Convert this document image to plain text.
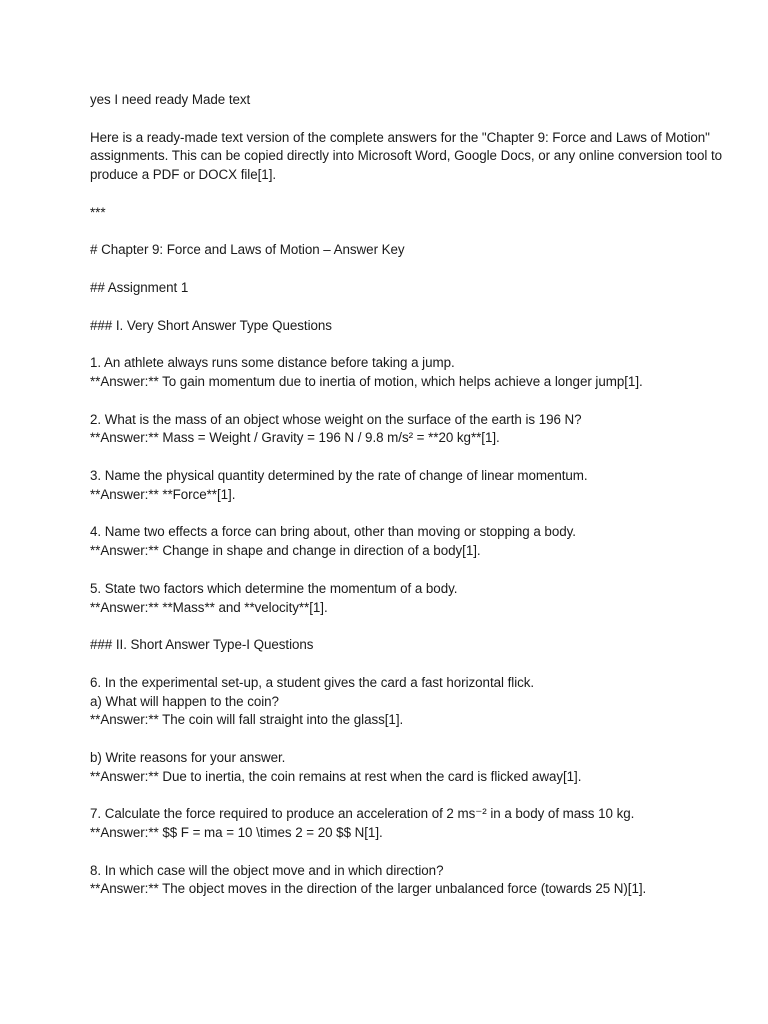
yes I need ready Made text

Here is a ready-made text version of the complete answers for the "Chapter 9: Force and Laws of Motion" assignments. This can be copied directly into Microsoft Word, Google Docs, or any online conversion tool to produce a PDF or DOCX file[1].

***

# Chapter 9: Force and Laws of Motion – Answer Key

## Assignment 1

### I. Very Short Answer Type Questions

1. An athlete always runs some distance before taking a jump.
**Answer:** To gain momentum due to inertia of motion, which helps achieve a longer jump[1].

2. What is the mass of an object whose weight on the surface of the earth is 196 N?
**Answer:** Mass = Weight / Gravity = 196 N / 9.8 m/s² = **20 kg**[1].

3. Name the physical quantity determined by the rate of change of linear momentum.
**Answer:** **Force**[1].

4. Name two effects a force can bring about, other than moving or stopping a body.
**Answer:** Change in shape and change in direction of a body[1].

5. State two factors which determine the momentum of a body.
**Answer:** **Mass** and **velocity**[1].

### II. Short Answer Type-I Questions

6. In the experimental set-up, a student gives the card a fast horizontal flick.
a) What will happen to the coin?
**Answer:** The coin will fall straight into the glass[1].

b) Write reasons for your answer.
**Answer:** Due to inertia, the coin remains at rest when the card is flicked away[1].

7. Calculate the force required to produce an acceleration of 2 ms⁻² in a body of mass 10 kg.
**Answer:** $$ F = ma = 10 \times 2 = 20 $$ N[1].

8. In which case will the object move and in which direction?
**Answer:** The object moves in the direction of the larger unbalanced force (towards 25 N)[1].
